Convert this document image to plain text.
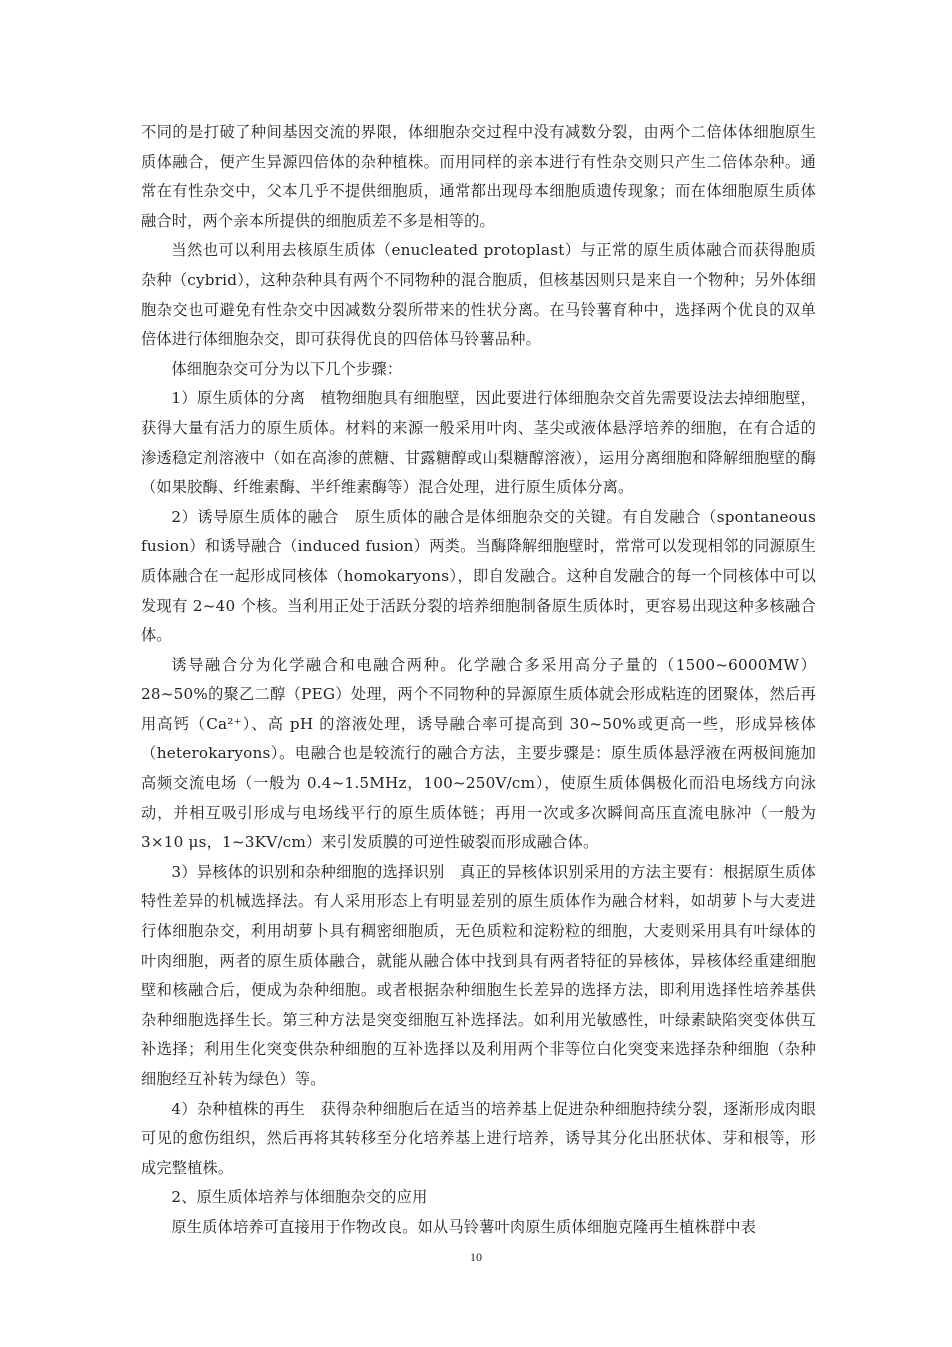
不同的是打破了种间基因交流的界限，体细胞杂交过程中没有减数分裂，由两个二倍体体细胞原生质体融合，便产生异源四倍体的杂种植株。而用同样的亲本进行有性杂交则只产生二倍体杂种。通常在有性杂交中，父本几乎不提供细胞质，通常都出现母本细胞质遗传现象；而在体细胞原生质体融合时，两个亲本所提供的细胞质差不多是相等的。

当然也可以利用去核原生质体（enucleated protoplast）与正常的原生质体融合而获得胞质杂种（cybrid），这种杂种具有两个不同物种的混合胞质，但核基因则只是来自一个物种；另外体细胞杂交也可避免有性杂交中因减数分裂所带来的性状分离。在马铃薯育种中，选择两个优良的双单倍体进行体细胞杂交，即可获得优良的四倍体马铃薯品种。

体细胞杂交可分为以下几个步骤：

1）原生质体的分离　植物细胞具有细胞壁，因此要进行体细胞杂交首先需要设法去掉细胞壁，获得大量有活力的原生质体。材料的来源一般采用叶肉、茎尖或液体悬浮培养的细胞，在有合适的渗透稳定剂溶液中（如在高渗的蔗糖、甘露糖醇或山梨糖醇溶液），运用分离细胞和降解细胞壁的酶（如果胶酶、纤维素酶、半纤维素酶等）混合处理，进行原生质体分离。

2）诱导原生质体的融合　原生质体的融合是体细胞杂交的关键。有自发融合（spontaneous fusion）和诱导融合（induced fusion）两类。当酶降解细胞壁时，常常可以发现相邻的同源原生质体融合在一起形成同核体（homokaryons），即自发融合。这种自发融合的每一个同核体中可以发现有 2~40 个核。当利用正处于活跃分裂的培养细胞制备原生质体时，更容易出现这种多核融合体。

诱导融合分为化学融合和电融合两种。化学融合多采用高分子量的（1500~6000MW）28~50%的聚乙二醇（PEG）处理，两个不同物种的异源原生质体就会形成粘连的团聚体，然后再用高钙（Ca²⁺）、高 pH 的溶液处理，诱导融合率可提高到 30~50%或更高一些，形成异核体（heterokaryons）。电融合也是较流行的融合方法，主要步骤是：原生质体悬浮液在两极间施加高频交流电场（一般为 0.4~1.5MHz，100~250V/cm），使原生质体偶极化而沿电场线方向泳动，并相互吸引形成与电场线平行的原生质体链；再用一次或多次瞬间高压直流电脉冲（一般为 3×10 μs，1~3KV/cm）来引发质膜的可逆性破裂而形成融合体。

3）异核体的识别和杂种细胞的选择识别　真正的异核体识别采用的方法主要有：根据原生质体特性差异的机械选择法。有人采用形态上有明显差别的原生质体作为融合材料，如胡萝卜与大麦进行体细胞杂交，利用胡萝卜具有稠密细胞质，无色质粒和淀粉粒的细胞，大麦则采用具有叶绿体的叶肉细胞，两者的原生质体融合，就能从融合体中找到具有两者特征的异核体，异核体经重建细胞壁和核融合后，便成为杂种细胞。或者根据杂种细胞生长差异的选择方法，即利用选择性培养基供杂种细胞选择生长。第三种方法是突变细胞互补选择法。如利用光敏感性，叶绿素缺陷突变体供互补选择；利用生化突变供杂种细胞的互补选择以及利用两个非等位白化突变来选择杂种细胞（杂种细胞经互补转为绿色）等。

4）杂种植株的再生　获得杂种细胞后在适当的培养基上促进杂种细胞持续分裂，逐渐形成肉眼可见的愈伤组织，然后再将其转移至分化培养基上进行培养，诱导其分化出胚状体、芽和根等，形成完整植株。

2、原生质体培养与体细胞杂交的应用

原生质体培养可直接用于作物改良。如从马铃薯叶肉原生质体细胞克隆再生植株群中表

10
